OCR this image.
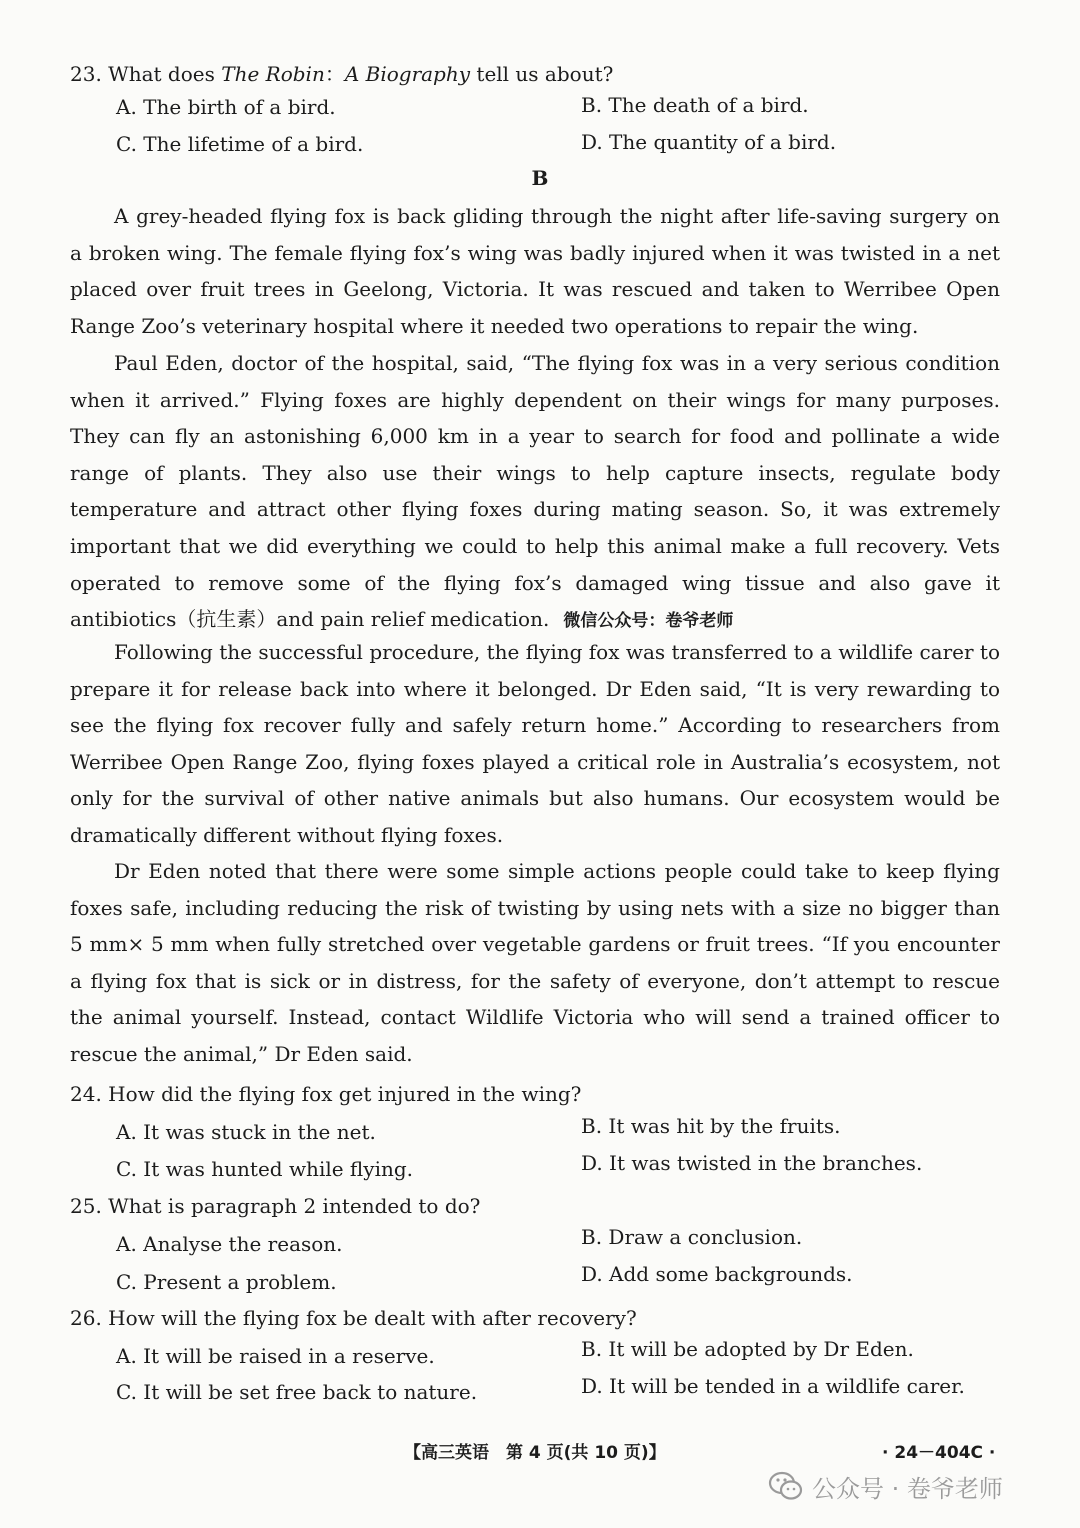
23. What does The Robin：A Biography tell us about?
A. The birth of a bird.	B. The death of a bird.
C. The lifetime of a bird.	D. The quantity of a bird.
B
A grey-headed flying fox is back gliding through the night after life-saving surgery on a broken wing. The female flying fox’s wing was badly injured when it was twisted in a net placed over fruit trees in Geelong, Victoria. It was rescued and taken to Werribee Open Range Zoo’s veterinary hospital where it needed two operations to repair the wing.
Paul Eden, doctor of the hospital, said, “The flying fox was in a very serious condition when it arrived.” Flying foxes are highly dependent on their wings for many purposes. They can fly an astonishing 6,000 km in a year to search for food and pollinate a wide range of plants. They also use their wings to help capture insects, regulate body temperature and attract other flying foxes during mating season. So, it was extremely important that we did everything we could to help this animal make a full recovery. Vets operated to remove some of the flying fox’s damaged wing tissue and also gave it antibiotics（抗生素）and pain relief medication. 微信公众号：卷爷老师
Following the successful procedure, the flying fox was transferred to a wildlife carer to prepare it for release back into where it belonged. Dr Eden said, “It is very rewarding to see the flying fox recover fully and safely return home.” According to researchers from Werribee Open Range Zoo, flying foxes played a critical role in Australia’s ecosystem, not only for the survival of other native animals but also humans. Our ecosystem would be dramatically different without flying foxes.
Dr Eden noted that there were some simple actions people could take to keep flying foxes safe, including reducing the risk of twisting by using nets with a size no bigger than 5 mm× 5 mm when fully stretched over vegetable gardens or fruit trees. “If you encounter a flying fox that is sick or in distress, for the safety of everyone, don’t attempt to rescue the animal yourself. Instead, contact Wildlife Victoria who will send a trained officer to rescue the animal,” Dr Eden said.
24. How did the flying fox get injured in the wing?
A. It was stuck in the net.	B. It was hit by the fruits.
C. It was hunted while flying.	D. It was twisted in the branches.
25. What is paragraph 2 intended to do?
A. Analyse the reason.	B. Draw a conclusion.
C. Present a problem.	D. Add some backgrounds.
26. How will the flying fox be dealt with after recovery?
A. It will be raised in a reserve.	B. It will be adopted by Dr Eden.
C. It will be set free back to nature.	D. It will be tended in a wildlife carer.
【高三英语　第 4 页(共 10 页)】	· 24－404C ·
公众号 · 卷爷老师
